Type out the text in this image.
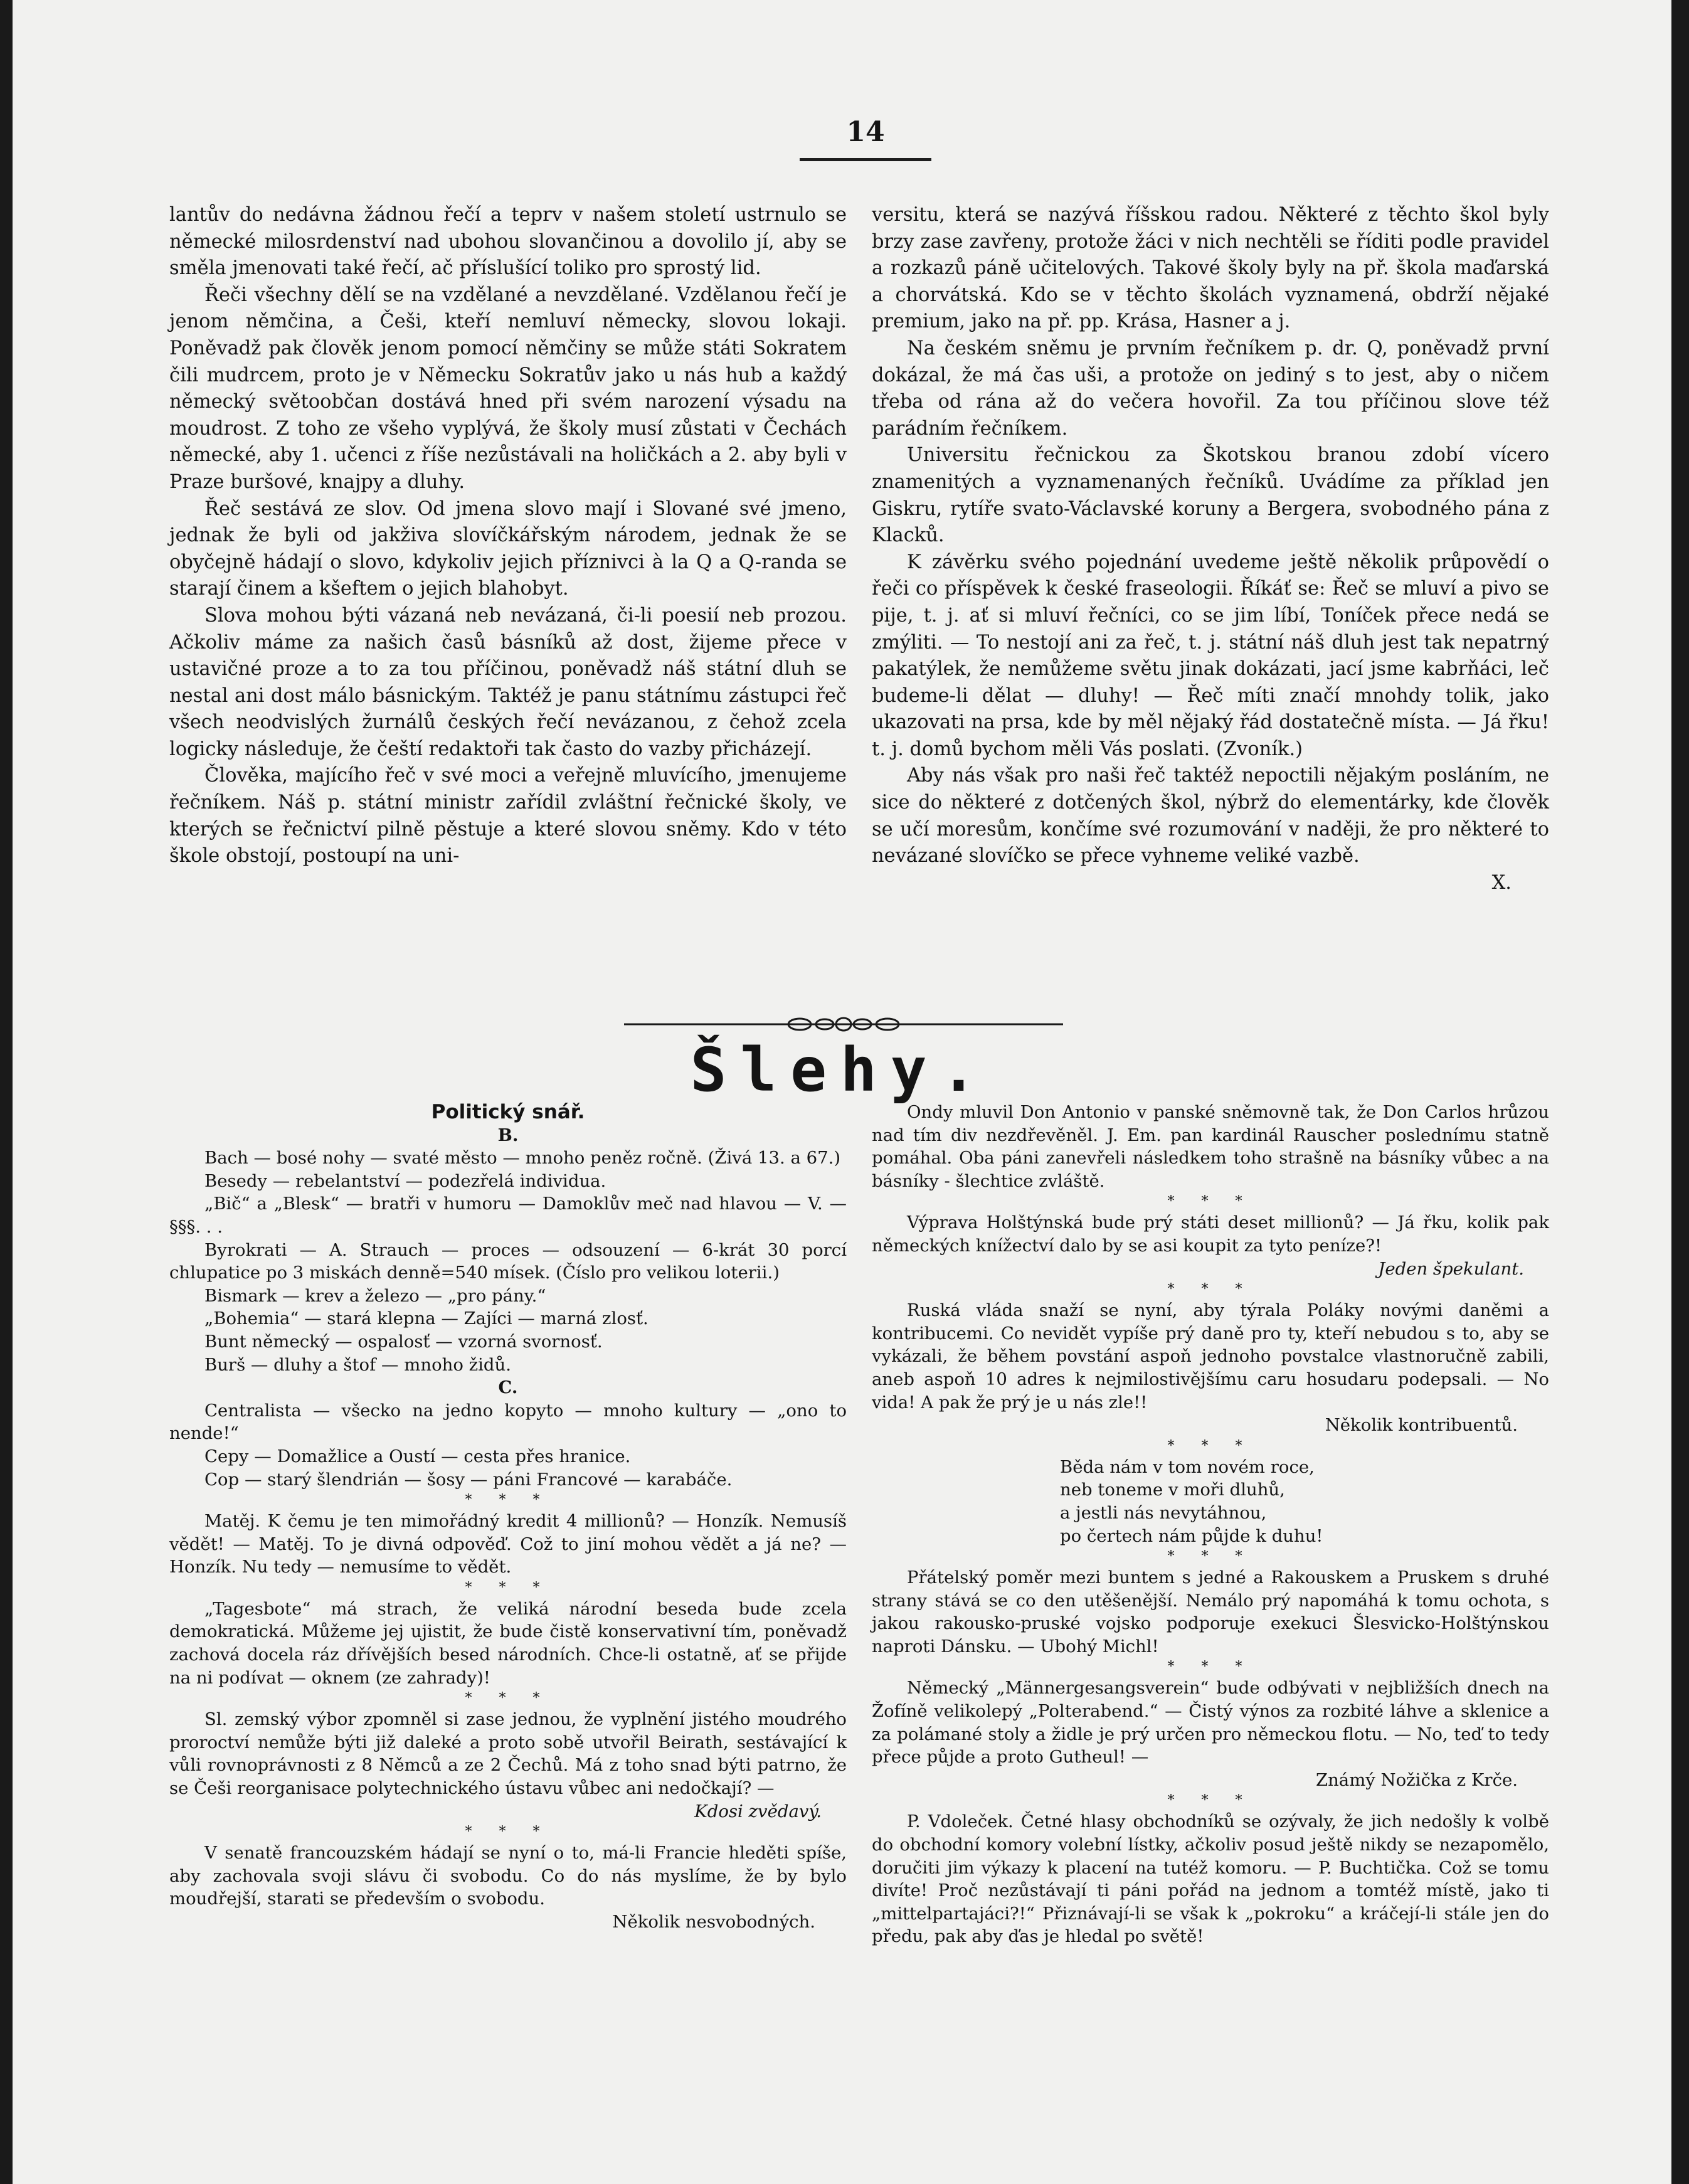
14

lantův do nedávna žádnou řečí a teprv v našem století ustrnulo se německé milosrdenství nad ubohou slovančinou a dovolilo jí, aby se směla jmenovati také řečí, ač příslušící toliko pro sprostý lid.

Řeči všechny dělí se na vzdělané a nevzdělané. Vzdělanou řečí je jenom němčina, a Češi, kteří nemluví německy, slovou lokaji. Poněvadž pak člověk jenom pomocí němčiny se může státi Sokratem čili mudrcem, proto je v Německu Sokratův jako u nás hub a každý německý světoobčan dostává hned při svém narození výsadu na moudrost. Z toho ze všeho vyplývá, že školy musí zůstati v Čechách německé, aby 1. učenci z říše nezůstávali na holičkách a 2. aby byli v Praze buršové, knajpy a dluhy.

Řeč sestává ze slov. Od jmena slovo mají i Slované své jmeno, jednak že byli od jakživa slovíčkářským národem, jednak že se obyčejně hádají o slovo, kdykoliv jejich příznivci à la Q a Q-randa se starají činem a kšeftem o jejich blahobyt.

Slova mohou býti vázaná neb nevázaná, či-li poesií neb prozou. Ačkoliv máme za našich časů básníků až dost, žijeme přece v ustavičné proze a to za tou příčinou, poněvadž náš státní dluh se nestal ani dost málo básnickým. Taktéž je panu státnímu zástupci řeč všech neodvislých žurnálů českých řečí nevázanou, z čehož zcela logicky následuje, že čeští redaktoři tak často do vazby přicházejí.

Člověka, majícího řeč v své moci a veřejně mluvícího, jmenujeme řečníkem. Náš p. státní ministr zařídil zvláštní řečnické školy, ve kterých se řečnictví pilně pěstuje a které slovou sněmy. Kdo v této škole obstojí, postoupí na uni-

versitu, která se nazývá říšskou radou. Některé z těchto škol byly brzy zase zavřeny, protože žáci v nich nechtěli se říditi podle pravidel a rozkazů páně učitelových. Takové školy byly na př. škola maďarská a chorvátská. Kdo se v těchto školách vyznamená, obdrží nějaké premium, jako na př. pp. Krása, Hasner a j.

Na českém sněmu je prvním řečníkem p. dr. Q, poněvadž první dokázal, že má čas uši, a protože on jediný s to jest, aby o ničem třeba od rána až do večera hovořil. Za tou příčinou slove též parádním řečníkem.

Universitu řečnickou za Škotskou branou zdobí vícero znamenitých a vyznamenaných řečníků. Uvádíme za příklad jen Giskru, rytíře svato-Václavské koruny a Bergera, svobodného pána z Klacků.

K závěrku svého pojednání uvedeme ještě několik průpovědí o řeči co příspěvek k české fraseologii. Říkáť se: Řeč se mluví a pivo se pije, t. j. ať si mluví řečníci, co se jim líbí, Toníček přece nedá se zmýliti. — To nestojí ani za řeč, t. j. státní náš dluh jest tak nepatrný pakatýlek, že nemůžeme světu jinak dokázati, jací jsme kabrňáci, leč budeme-li dělat — dluhy! — Řeč míti značí mnohdy tolik, jako ukazovati na prsa, kde by měl nějaký řád dostatečně místa. — Já řku! t. j. domů bychom měli Vás poslati. (Zvoník.)

Aby nás však pro naši řeč taktéž nepoctili nějakým posláním, ne sice do některé z dotčených škol, nýbrž do elementárky, kde člověk se učí moresům, končíme své rozumování v naději, že pro některé to nevázané slovíčko se přece vyhneme veliké vazbě.

X.

Šlehy.
Politický snář.

B.

Bach — bosé nohy — svaté město — mnoho peněz ročně. (Živá 13. a 67.)

Besedy — rebelantství — podezřelá individua.

„Bič“ a „Blesk“ — bratři v humoru — Damoklův meč nad hlavou — V. — §§§. . .

Byrokrati — A. Strauch — proces — odsouzení — 6-krát 30 porcí chlupatice po 3 miskách denně=540 mísek. (Číslo pro velikou loterii.)

Bismark — krev a železo — „pro pány.“

„Bohemia“ — stará klepna — Zajíci — marná zlosť.

Bunt německý — ospalosť — vzorná svornosť.

Burš — dluhy a štof — mnoho židů.

C.

Centralista — všecko na jedno kopyto — mnoho kultury — „ono to nende!“

Cepy — Domažlice a Oustí — cesta přes hranice.

Cop — starý šlendrián — šosy — páni Francové — karabáče.

* * *

Matěj. K čemu je ten mimořádný kredit 4 millionů? — Honzík. Nemusíš vědět! — Matěj. To je divná odpověď. Což to jiní mohou vědět a já ne? — Honzík. Nu tedy — nemusíme to vědět.

* * *

„Tagesbote“ má strach, že veliká národní beseda bude zcela demokratická. Můžeme jej ujistit, že bude čistě konservativní tím, poněvadž zachová docela ráz dřívějších besed národních. Chce-li ostatně, ať se přijde na ni podívat — oknem (ze zahrady)!

* * *

Sl. zemský výbor zpomněl si zase jednou, že vyplnění jistého moudrého proroctví nemůže býti již daleké a proto sobě utvořil Beirath, sestávající k vůli rovnoprávnosti z 8 Němců a ze 2 Čechů. Má z toho snad býti patrno, že se Češi reorganisace polytechnického ústavu vůbec ani nedočkají? —

Kdosi zvědavý.

* * *

V senatě francouzském hádají se nyní o to, má-li Francie hleděti spíše, aby zachovala svoji slávu či svobodu. Co do nás myslíme, že by bylo moudřejší, starati se především o svobodu.

Několik nesvobodných.

Ondy mluvil Don Antonio v panské sněmovně tak, že Don Carlos hrůzou nad tím div nezdřevěněl. J. Em. pan kardinál Rauscher poslednímu statně pomáhal. Oba páni zanevřeli následkem toho strašně na básníky vůbec a na básníky - šlechtice zvláště.

* * *

Výprava Holštýnská bude prý státi deset millionů? — Já řku, kolik pak německých knížectví dalo by se asi koupit za tyto peníze?!

Jeden špekulant.

* * *

Ruská vláda snaží se nyní, aby týrala Poláky novými daněmi a kontribucemi. Co nevidět vypíše prý daně pro ty, kteří nebudou s to, aby se vykázali, že během povstání aspoň jednoho povstalce vlastnoručně zabili, aneb aspoň 10 adres k nejmilostivějšímu caru hosudaru podepsali. — No vida! A pak že prý je u nás zle!!

Několik kontribuentů.

* * *

Běda nám v tom novém roce,

neb toneme v moři dluhů,

a jestli nás nevytáhnou,

po čertech nám půjde k duhu!

* * *

Přátelský poměr mezi buntem s jedné a Rakouskem a Pruskem s druhé strany stává se co den utěšenější. Nemálo prý napomáhá k tomu ochota, s jakou rakousko-pruské vojsko podporuje exekuci Šlesvicko-Holštýnskou naproti Dánsku. — Ubohý Michl!

* * *

Německý „Männergesangsverein“ bude odbývati v nejbližších dnech na Žofíně velikolepý „Polterabend.“ — Čistý výnos za rozbité láhve a sklenice a za polámané stoly a židle je prý určen pro německou flotu. — No, teď to tedy přece půjde a proto Gutheul! —

Známý Nožička z Krče.

* * *

P. Vdoleček. Četné hlasy obchodníků se ozývaly, že jich nedošly k volbě do obchodní komory volební lístky, ačkoliv posud ještě nikdy se nezapomělo, doručiti jim výkazy k placení na tutéž komoru. — P. Buchtička. Což se tomu divíte! Proč nezůstávají ti páni pořád na jednom a tomtéž místě, jako ti „mittelpartajáci?!“ Přiznávají-li se však k „pokroku“ a kráčejí-li stále jen do předu, pak aby ďas je hledal po světě!
